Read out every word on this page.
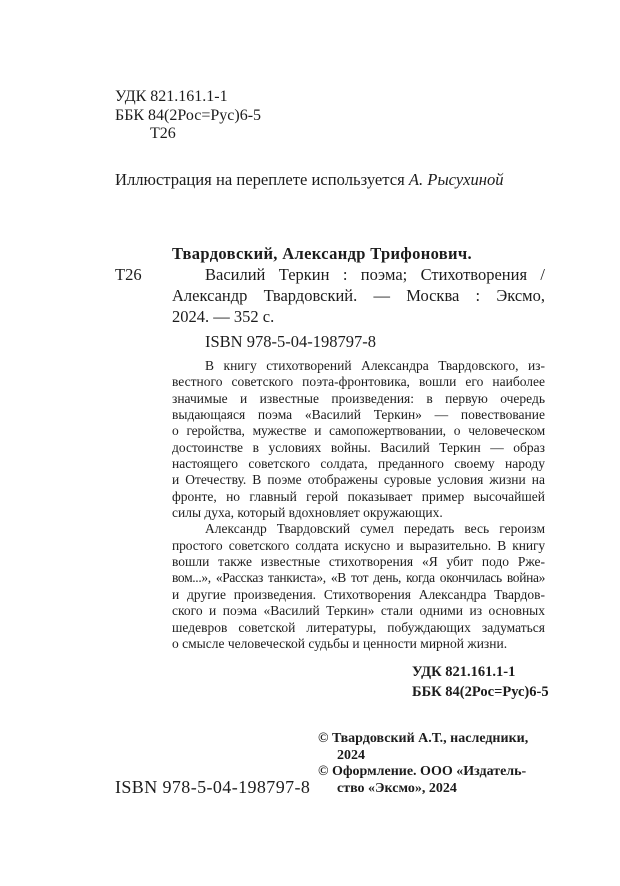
УДК 821.161.1-1
ББК 84(2Рос=Рус)6-5
Т26
Иллюстрация на переплете используется А. Рысухиной
Т26
Твардовский, Александр Трифонович.
Василий Теркин : поэма; Стихотворения /
Александр Твардовский. — Москва : Эксмо,
2024. — 352 с.
ISBN 978-5-04-198797-8
В книгу стихотворений Александра Твардовского, из-
вестного советского поэта-фронтовика, вошли его наиболее
значимые и известные произведения: в первую очередь
выдающаяся поэма «Василий Теркин» — повествование
о геройства, мужестве и самопожертвовании, о человеческом
достоинстве в условиях войны. Василий Теркин — образ
настоящего советского солдата, преданного своему народу
и Отечеству. В поэме отображены суровые условия жизни на
фронте, но главный герой показывает пример высочайшей
силы духа, который вдохновляет окружающих.
Александр Твардовский сумел передать весь героизм
простого советского солдата искусно и выразительно. В книгу
вошли также известные стихотворения «Я убит подо Рже-
вом...», «Рассказ танкиста», «В тот день, когда окончилась война»
и другие произведения. Стихотворения Александра Твардов-
ского и поэма «Василий Теркин» стали одними из основных
шедевров советской литературы, побуждающих задуматься
о смысле человеческой судьбы и ценности мирной жизни.
УДК 821.161.1-1
ББК 84(2Рос=Рус)6-5
© Твардовский А.Т., наследники,
2024
© Оформление. ООО «Издатель-
ство «Эксмо», 2024
ISBN 978-5-04-198797-8
